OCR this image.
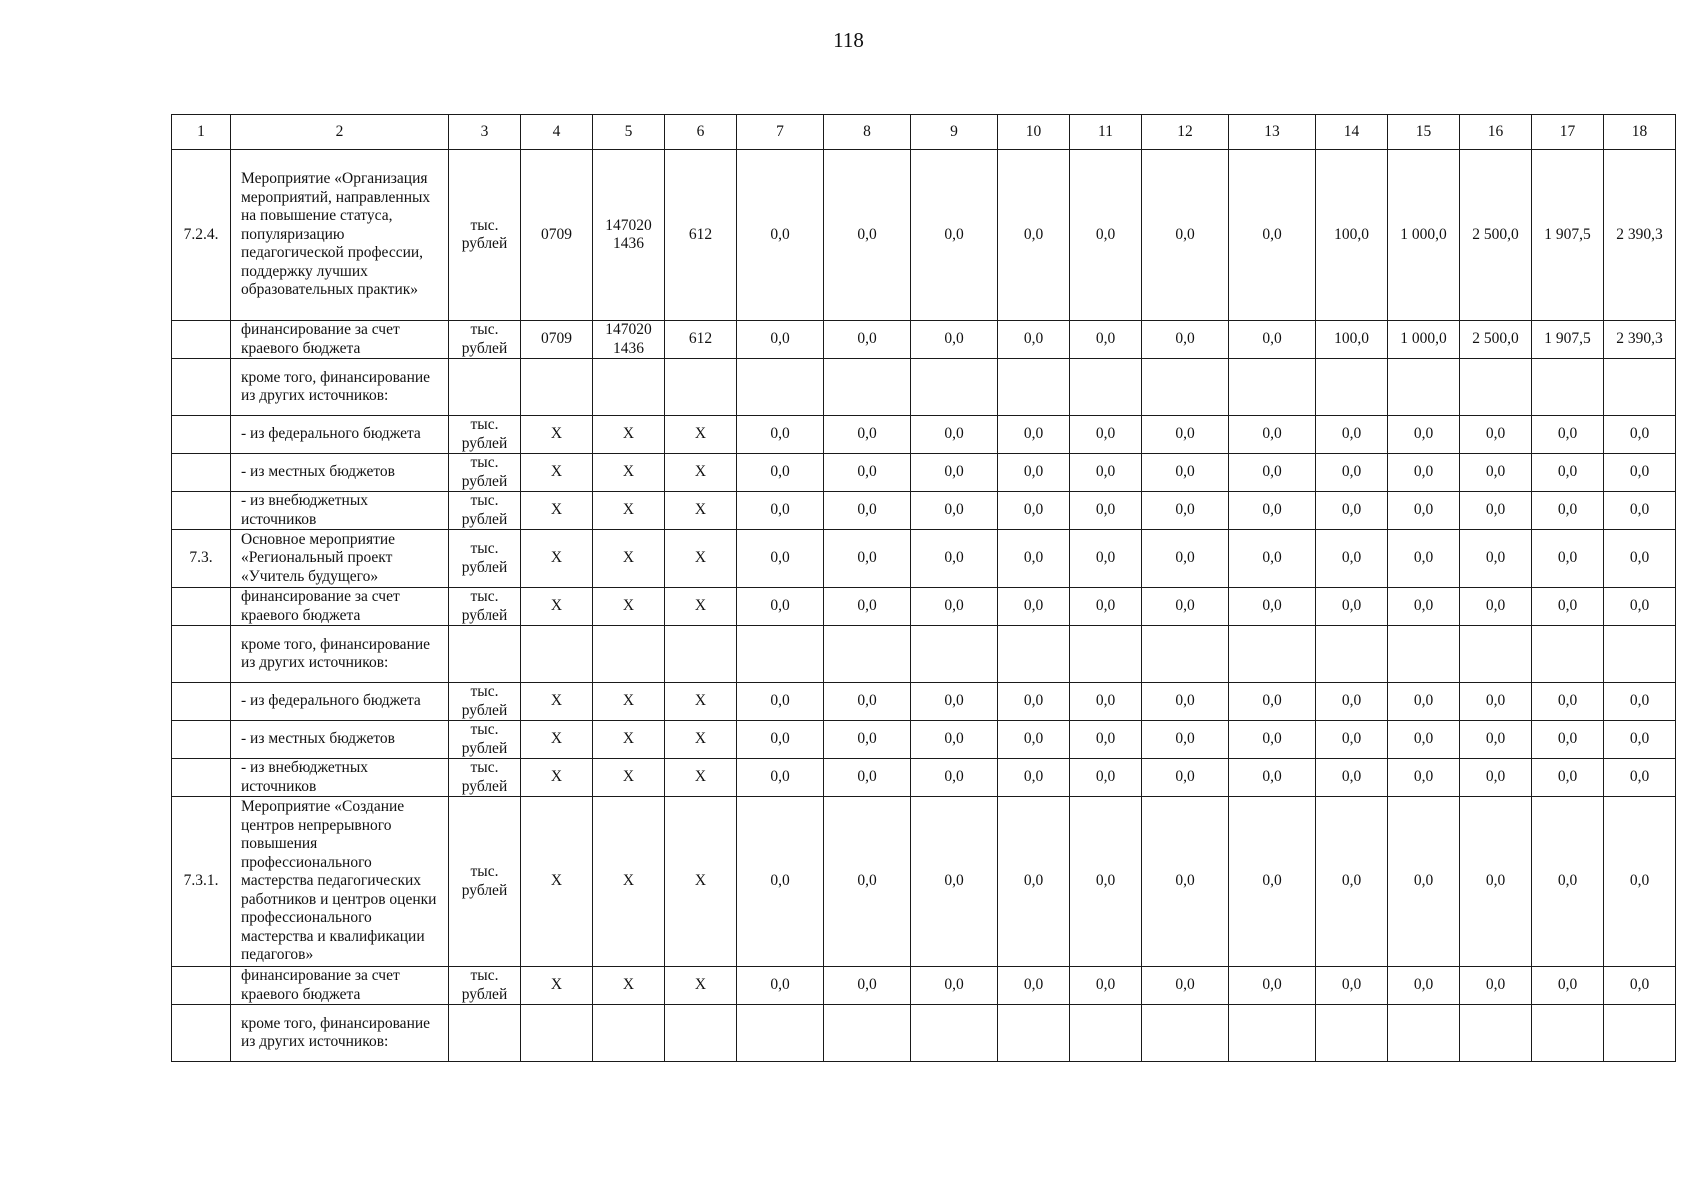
118
1	2	3	4	5	6	7	8	9	10	11	12	13	14	15	16	17	18
7.2.4.	Мероприятие «Организация мероприятий, направленных на повышение статуса, популяризацию педагогической профессии, поддержку лучших образовательных практик»	тыс. рублей	0709	147020 1436	612	0,0	0,0	0,0	0,0	0,0	0,0	0,0	100,0	1 000,0	2 500,0	1 907,5	2 390,3
	финансирование за счет краевого бюджета	тыс. рублей	0709	147020 1436	612	0,0	0,0	0,0	0,0	0,0	0,0	0,0	100,0	1 000,0	2 500,0	1 907,5	2 390,3
	кроме того, финансирование из других источников:																
	- из федерального бюджета	тыс. рублей	X	X	X	0,0	0,0	0,0	0,0	0,0	0,0	0,0	0,0	0,0	0,0	0,0	0,0
	- из местных бюджетов	тыс. рублей	X	X	X	0,0	0,0	0,0	0,0	0,0	0,0	0,0	0,0	0,0	0,0	0,0	0,0
	- из внебюджетных источников	тыс. рублей	X	X	X	0,0	0,0	0,0	0,0	0,0	0,0	0,0	0,0	0,0	0,0	0,0	0,0
7.3.	Основное мероприятие «Региональный проект «Учитель будущего»	тыс. рублей	X	X	X	0,0	0,0	0,0	0,0	0,0	0,0	0,0	0,0	0,0	0,0	0,0	0,0
	финансирование за счет краевого бюджета	тыс. рублей	X	X	X	0,0	0,0	0,0	0,0	0,0	0,0	0,0	0,0	0,0	0,0	0,0	0,0
	кроме того, финансирование из других источников:																
	- из федерального бюджета	тыс. рублей	X	X	X	0,0	0,0	0,0	0,0	0,0	0,0	0,0	0,0	0,0	0,0	0,0	0,0
	- из местных бюджетов	тыс. рублей	X	X	X	0,0	0,0	0,0	0,0	0,0	0,0	0,0	0,0	0,0	0,0	0,0	0,0
	- из внебюджетных источников	тыс. рублей	X	X	X	0,0	0,0	0,0	0,0	0,0	0,0	0,0	0,0	0,0	0,0	0,0	0,0
7.3.1.	Мероприятие «Создание центров непрерывного повышения профессионального мастерства педагогических работников и центров оценки профессионального мастерства и квалификации педагогов»	тыс. рублей	X	X	X	0,0	0,0	0,0	0,0	0,0	0,0	0,0	0,0	0,0	0,0	0,0	0,0
	финансирование за счет краевого бюджета	тыс. рублей	X	X	X	0,0	0,0	0,0	0,0	0,0	0,0	0,0	0,0	0,0	0,0	0,0	0,0
	кроме того, финансирование из других источников:																
